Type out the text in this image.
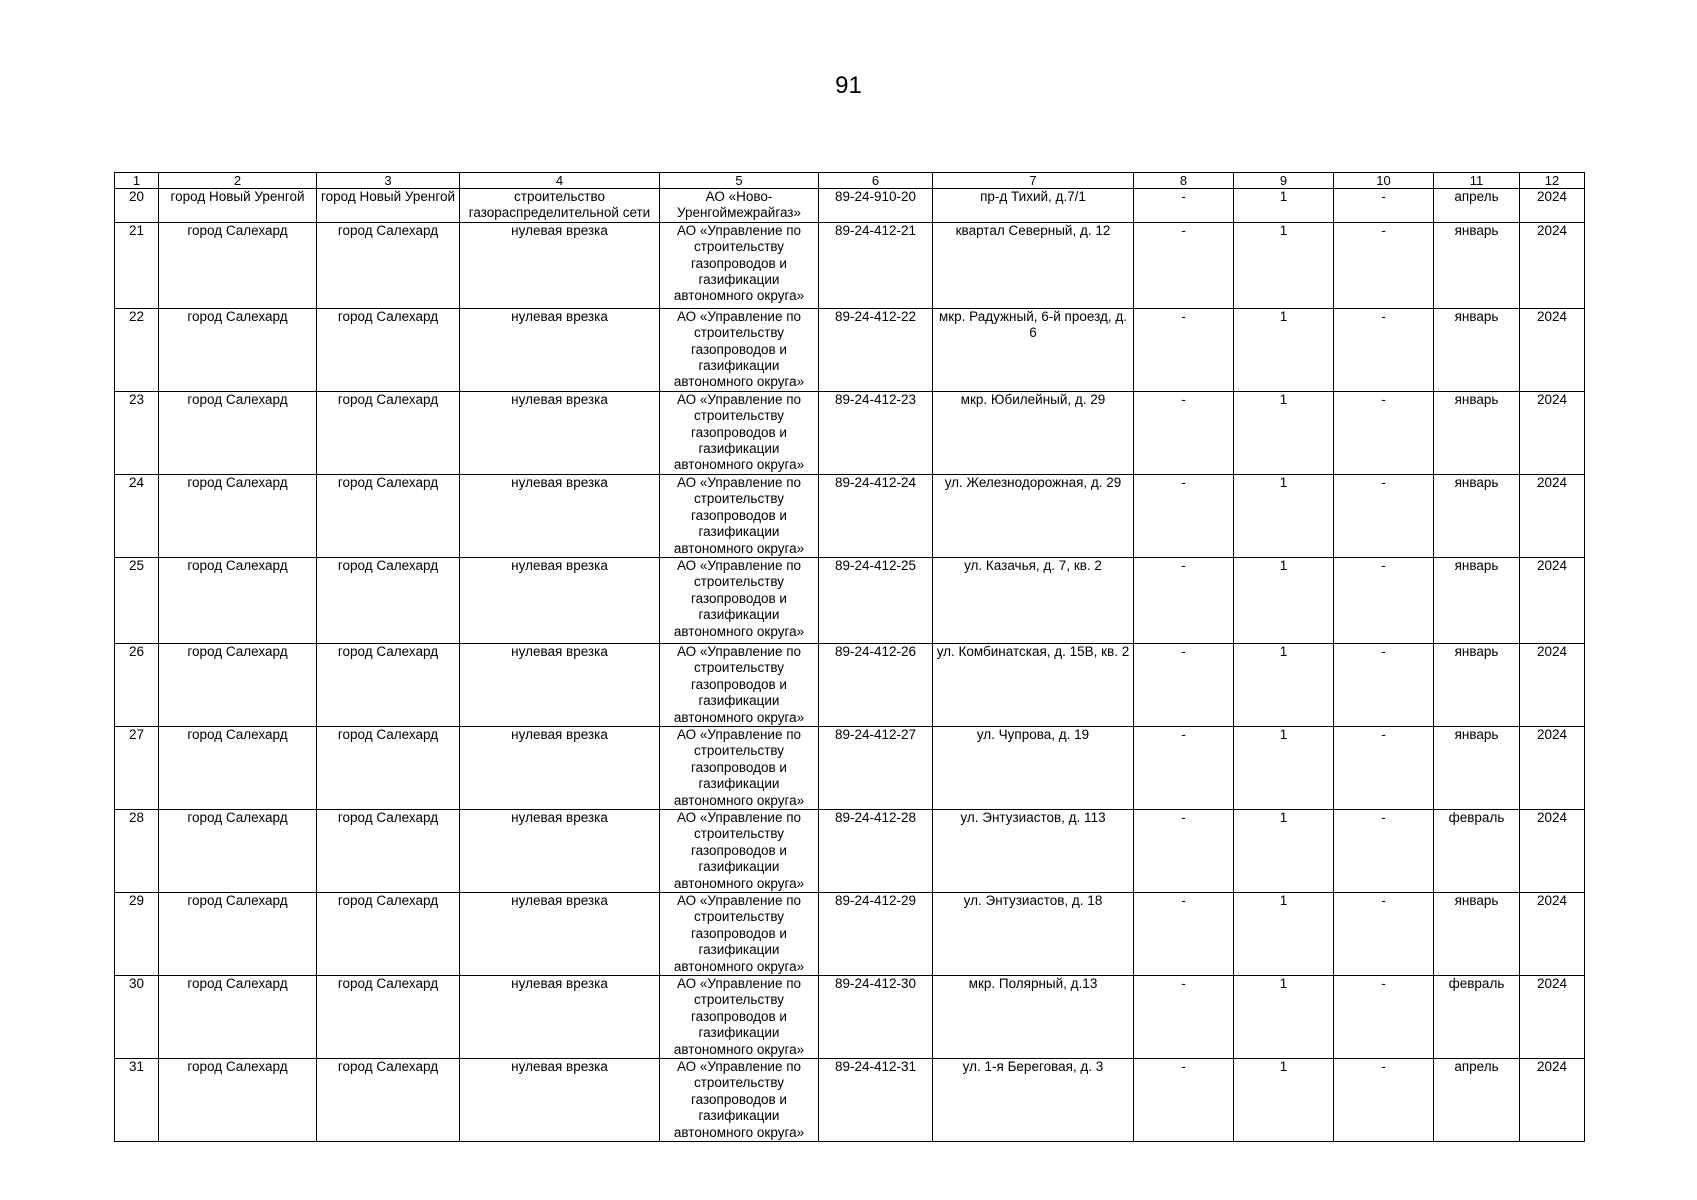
91
1	2	3	4	5	6	7	8	9	10	11	12
20	город Новый Уренгой	город Новый Уренгой	строительство газораспределительной сети	АО «Ново-Уренгоймежрайгаз»	89-24-910-20	пр-д Тихий, д.7/1	-	1	-	апрель	2024
21	город Салехард	город Салехард	нулевая врезка	АО «Управление по строительству газопроводов и газификации автономного округа»	89-24-412-21	квартал Северный, д. 12	-	1	-	январь	2024
22	город Салехард	город Салехард	нулевая врезка	АО «Управление по строительству газопроводов и газификации автономного округа»	89-24-412-22	мкр. Радужный, 6-й проезд, д. 6	-	1	-	январь	2024
23	город Салехард	город Салехард	нулевая врезка	АО «Управление по строительству газопроводов и газификации автономного округа»	89-24-412-23	мкр. Юбилейный, д. 29	-	1	-	январь	2024
24	город Салехард	город Салехард	нулевая врезка	АО «Управление по строительству газопроводов и газификации автономного округа»	89-24-412-24	ул. Железнодорожная, д. 29	-	1	-	январь	2024
25	город Салехард	город Салехард	нулевая врезка	АО «Управление по строительству газопроводов и газификации автономного округа»	89-24-412-25	ул. Казачья, д. 7, кв. 2	-	1	-	январь	2024
26	город Салехард	город Салехард	нулевая врезка	АО «Управление по строительству газопроводов и газификации автономного округа»	89-24-412-26	ул. Комбинатская, д. 15В, кв. 2	-	1	-	январь	2024
27	город Салехард	город Салехард	нулевая врезка	АО «Управление по строительству газопроводов и газификации автономного округа»	89-24-412-27	ул. Чупрова, д. 19	-	1	-	январь	2024
28	город Салехард	город Салехард	нулевая врезка	АО «Управление по строительству газопроводов и газификации автономного округа»	89-24-412-28	ул. Энтузиастов, д. 113	-	1	-	февраль	2024
29	город Салехард	город Салехард	нулевая врезка	АО «Управление по строительству газопроводов и газификации автономного округа»	89-24-412-29	ул. Энтузиастов, д. 18	-	1	-	январь	2024
30	город Салехард	город Салехард	нулевая врезка	АО «Управление по строительству газопроводов и газификации автономного округа»	89-24-412-30	мкр. Полярный, д.13	-	1	-	февраль	2024
31	город Салехард	город Салехард	нулевая врезка	АО «Управление по строительству газопроводов и газификации автономного округа»	89-24-412-31	ул. 1-я Береговая, д. 3	-	1	-	апрель	2024
